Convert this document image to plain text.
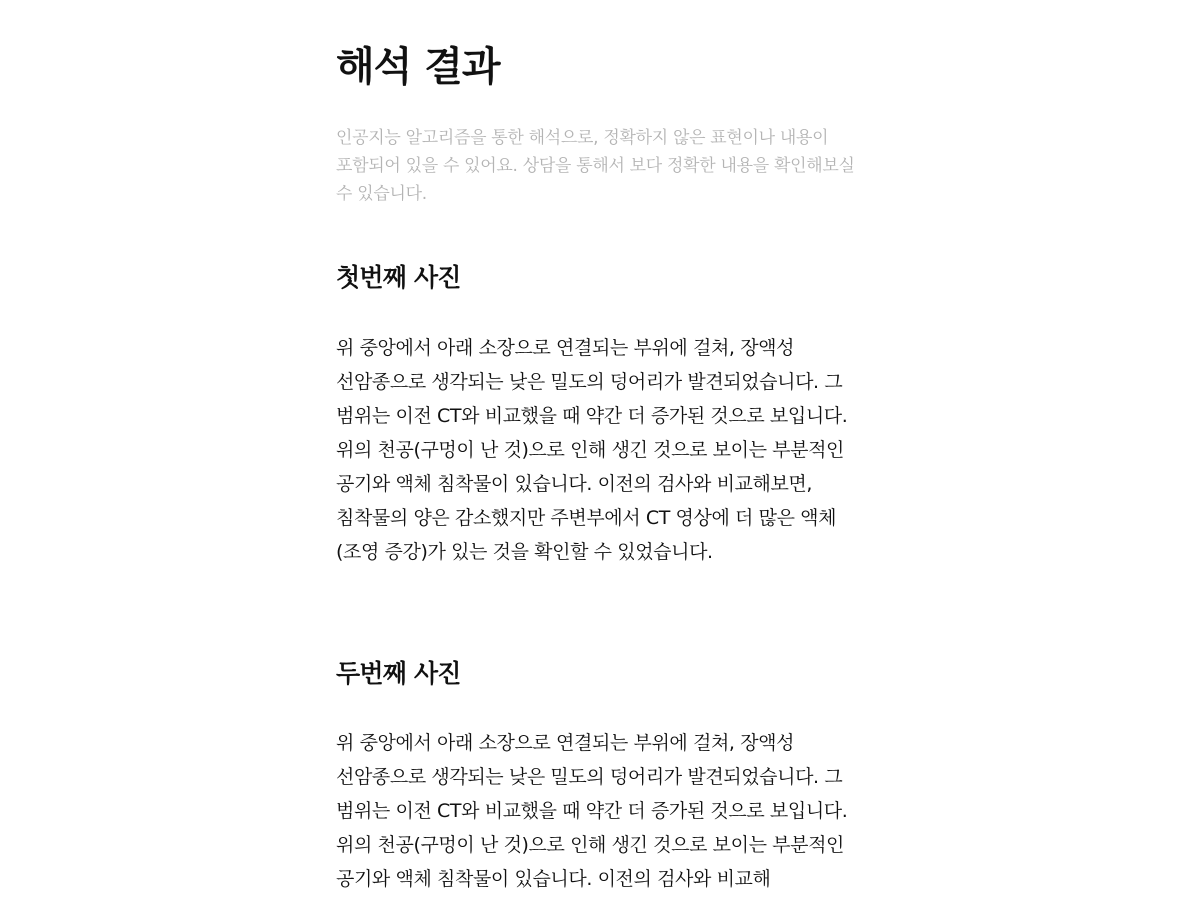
해석 결과

인공지능 알고리즘을 통한 해석으로, 정확하지 않은 표현이나 내용이 포함되어 있을 수 있어요. 상담을 통해서 보다 정확한 내용을 확인해보실 수 있습니다.

첫번째 사진

위 중앙에서 아래 소장으로 연결되는 부위에 걸쳐, 장액성 선암종으로 생각되는 낮은 밀도의 덩어리가 발견되었습니다. 그 범위는 이전 CT와 비교했을 때 약간 더 증가된 것으로 보입니다. 위의 천공(구멍이 난 것)으로 인해 생긴 것으로 보이는 부분적인 공기와 액체 침착물이 있습니다. 이전의 검사와 비교해보면, 침착물의 양은 감소했지만 주변부에서 CT 영상에 더 많은 액체(조영 증강)가 있는 것을 확인할 수 있었습니다.

두번째 사진

위 중앙에서 아래 소장으로 연결되는 부위에 걸쳐, 장액성 선암종으로 생각되는 낮은 밀도의 덩어리가 발견되었습니다. 그 범위는 이전 CT와 비교했을 때 약간 더 증가된 것으로 보입니다. 위의 천공(구멍이 난 것)으로 인해 생긴 것으로 보이는 부분적인 공기와 액체 침착물이 있습니다. 이전의 검사와 비교해
